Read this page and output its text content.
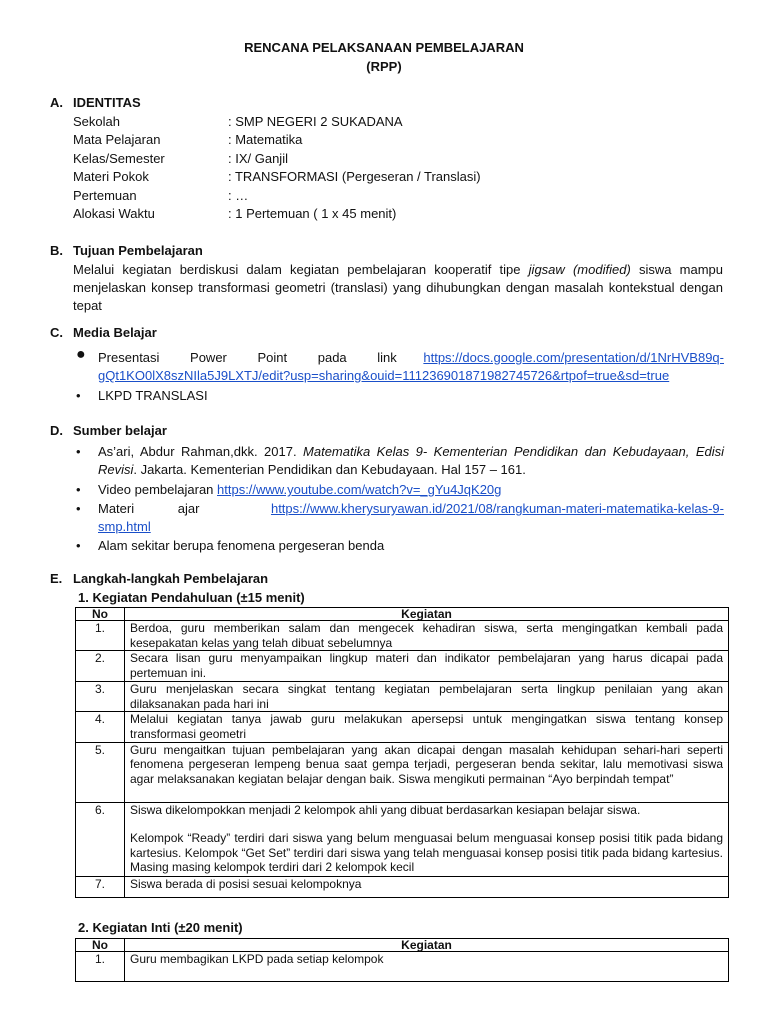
RENCANA PELAKSANAAN PEMBELAJARAN
(RPP)
A. IDENTITAS
Sekolah	: SMP NEGERI 2 SUKADANA
Mata Pelajaran	: Matematika
Kelas/Semester	: IX/ Ganjil
Materi Pokok	: TRANSFORMASI (Pergeseran / Translasi)
Pertemuan	: …
Alokasi Waktu	: 1 Pertemuan ( 1 x 45 menit)
B. Tujuan Pembelajaran
Melalui kegiatan berdiskusi dalam kegiatan pembelajaran kooperatif tipe jigsaw (modified) siswa mampu menjelaskan konsep transformasi geometri (translasi) yang dihubungkan dengan masalah kontekstual dengan tepat
C. Media Belajar
● Presentasi Power Point pada link https://docs.google.com/presentation/d/1NrHVB89q-
gQt1KO0lX8szNIla5J9LXTJ/edit?usp=sharing&ouid=111236901871982745726&rtpof=true&sd=true
• LKPD TRANSLASI
D. Sumber belajar
• As’ari, Abdur Rahman,dkk. 2017. Matematika Kelas 9- Kementerian Pendidikan dan Kebudayaan, Edisi Revisi. Jakarta. Kementerian Pendidikan dan Kebudayaan. Hal 157 – 161.
• Video pembelajaran https://www.youtube.com/watch?v=_gYu4JqK20g
• Materi ajar	https://www.kherysuryawan.id/2021/08/rangkuman-materi-matematika-kelas-9-
smp.html
• Alam sekitar berupa fenomena pergeseran benda
E. Langkah-langkah Pembelajaran
1. Kegiatan Pendahuluan (±15 menit)
No	Kegiatan
1.	Berdoa, guru memberikan salam dan mengecek kehadiran siswa, serta mengingatkan kembali pada kesepakatan kelas yang telah dibuat sebelumnya
2.	Secara lisan guru menyampaikan lingkup materi dan indikator pembelajaran yang harus dicapai pada pertemuan ini.
3.	Guru menjelaskan secara singkat tentang kegiatan pembelajaran serta lingkup penilaian yang akan dilaksanakan pada hari ini
4.	Melalui kegiatan tanya jawab guru melakukan apersepsi untuk mengingatkan siswa tentang konsep transformasi geometri
5.	Guru mengaitkan tujuan pembelajaran yang akan dicapai dengan masalah kehidupan sehari-hari seperti fenomena pergeseran lempeng benua saat gempa terjadi, pergeseran benda sekitar, lalu memotivasi siswa agar melaksanakan kegiatan belajar dengan baik. Siswa mengikuti permainan “Ayo berpindah tempat”
6.	Siswa dikelompokkan menjadi 2 kelompok ahli yang dibuat berdasarkan kesiapan belajar siswa.
Kelompok “Ready” terdiri dari siswa yang belum menguasai belum menguasai konsep posisi titik pada bidang kartesius. Kelompok “Get Set” terdiri dari siswa yang telah menguasai konsep posisi titik pada bidang kartesius. Masing masing kelompok terdiri dari 2 kelompok kecil

7.	Siswa berada di posisi sesuai kelompoknya
2. Kegiatan Inti (±20 menit)
No	Kegiatan
1.	Guru membagikan LKPD pada setiap kelompok
